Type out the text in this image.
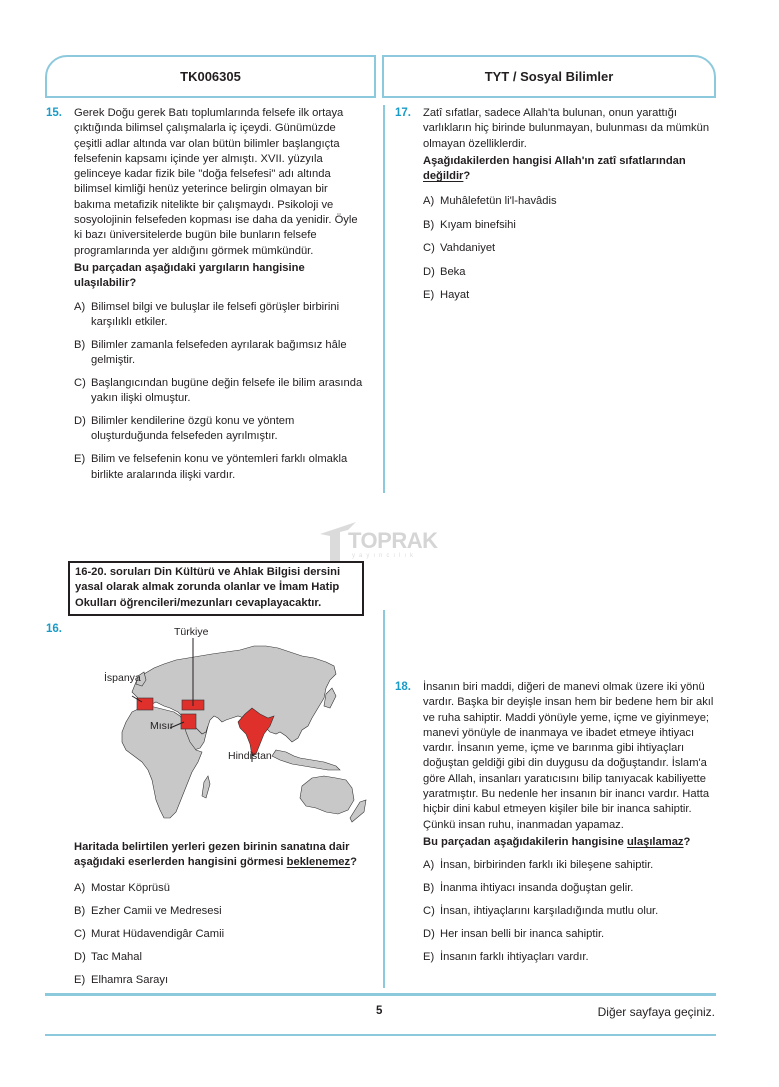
TK006305	TYT / Sosyal Bilimler
15. Gerek Doğu gerek Batı toplumlarında felsefe ilk ortaya çıktığında bilimsel çalışmalarla iç içeydi. Günümüzde çeşitli adlar altında var olan bütün bilimler başlangıçta felsefenin kapsamı içinde yer almıştı. XVII. yüzyıla gelinceye kadar fizik bile "doğa felsefesi" adı altında bilimsel kimliği henüz yeterince belirgin olmayan bir bakıma metafizik nitelikte bir çalışmaydı. Psikoloji ve sosyolojinin felsefeden kopması ise daha da yenidir. Öyle ki bazı üniversitelerde bugün bile bunların felsefe programlarında yer aldığını görmek mümkündür.

Bu parçadan aşağıdaki yargıların hangisine ulaşılabilir?

A) Bilimsel bilgi ve buluşlar ile felsefi görüşler birbirini karşılıklı etkiler.
B) Bilimler zamanla felsefeden ayrılarak bağımsız hâle gelmiştir.
C) Başlangıcından bugüne değin felsefe ile bilim arasında yakın ilişki olmuştur.
D) Bilimler kendilerine özgü konu ve yöntem oluşturduğunda felsefeden ayrılmıştır.
E) Bilim ve felsefenin konu ve yöntemleri farklı olmakla birlikte aralarında ilişki vardır.
17. Zatî sıfatlar, sadece Allah'ta bulunan, onun yarattığı varlıkların hiç birinde bulunmayan, bulunması da mümkün olmayan özelliklerdir.

Aşağıdakilerden hangisi Allah'ın zatî sıfatlarından değildir?

A) Muhâlefetün li'l-havâdis
B) Kıyam binefsihi
C) Vahdaniyet
D) Beka
E) Hayat
TOPRAK
yayıncılık
16-20. soruları Din Kültürü ve Ahlak Bilgisi dersini yasal olarak almak zorunda olanlar ve İmam Hatip Okulları öğrencileri/mezunları cevaplayacaktır.
16.	Türkiye
İspanya
Mısır
Hindistan

Haritada belirtilen yerleri gezen birinin sanatına dair aşağıdaki eserlerden hangisini görmesi beklenemez?

A) Mostar Köprüsü
B) Ezher Camii ve Medresesi
C) Murat Hüdavendigâr Camii
D) Tac Mahal
E) Elhamra Sarayı
18. İnsanın biri maddi, diğeri de manevi olmak üzere iki yönü vardır. Başka bir deyişle insan hem bir bedene hem bir akıl ve ruha sahiptir. Maddi yönüyle yeme, içme ve giyinmeye; manevi yönüyle de inanmaya ve ibadet etmeye ihtiyacı vardır. İnsanın yeme, içme ve barınma gibi ihtiyaçları doğuştan geldiği gibi din duygusu da doğuştandır. İslam'a göre Allah, insanları yaratıcısını bilip tanıyacak kabiliyette yaratmıştır. Bu nedenle her insanın bir inancı vardır. Hatta hiçbir dini kabul etmeyen kişiler bile bir inanca sahiptir. Çünkü insan ruhu, inanmadan yapamaz.

Bu parçadan aşağıdakilerin hangisine ulaşılamaz?

A) İnsan, birbirinden farklı iki bileşene sahiptir.
B) İnanma ihtiyacı insanda doğuştan gelir.
C) İnsan, ihtiyaçlarını karşıladığında mutlu olur.
D) Her insan belli bir inanca sahiptir.
E) İnsanın farklı ihtiyaçları vardır.
5	Diğer sayfaya geçiniz.
